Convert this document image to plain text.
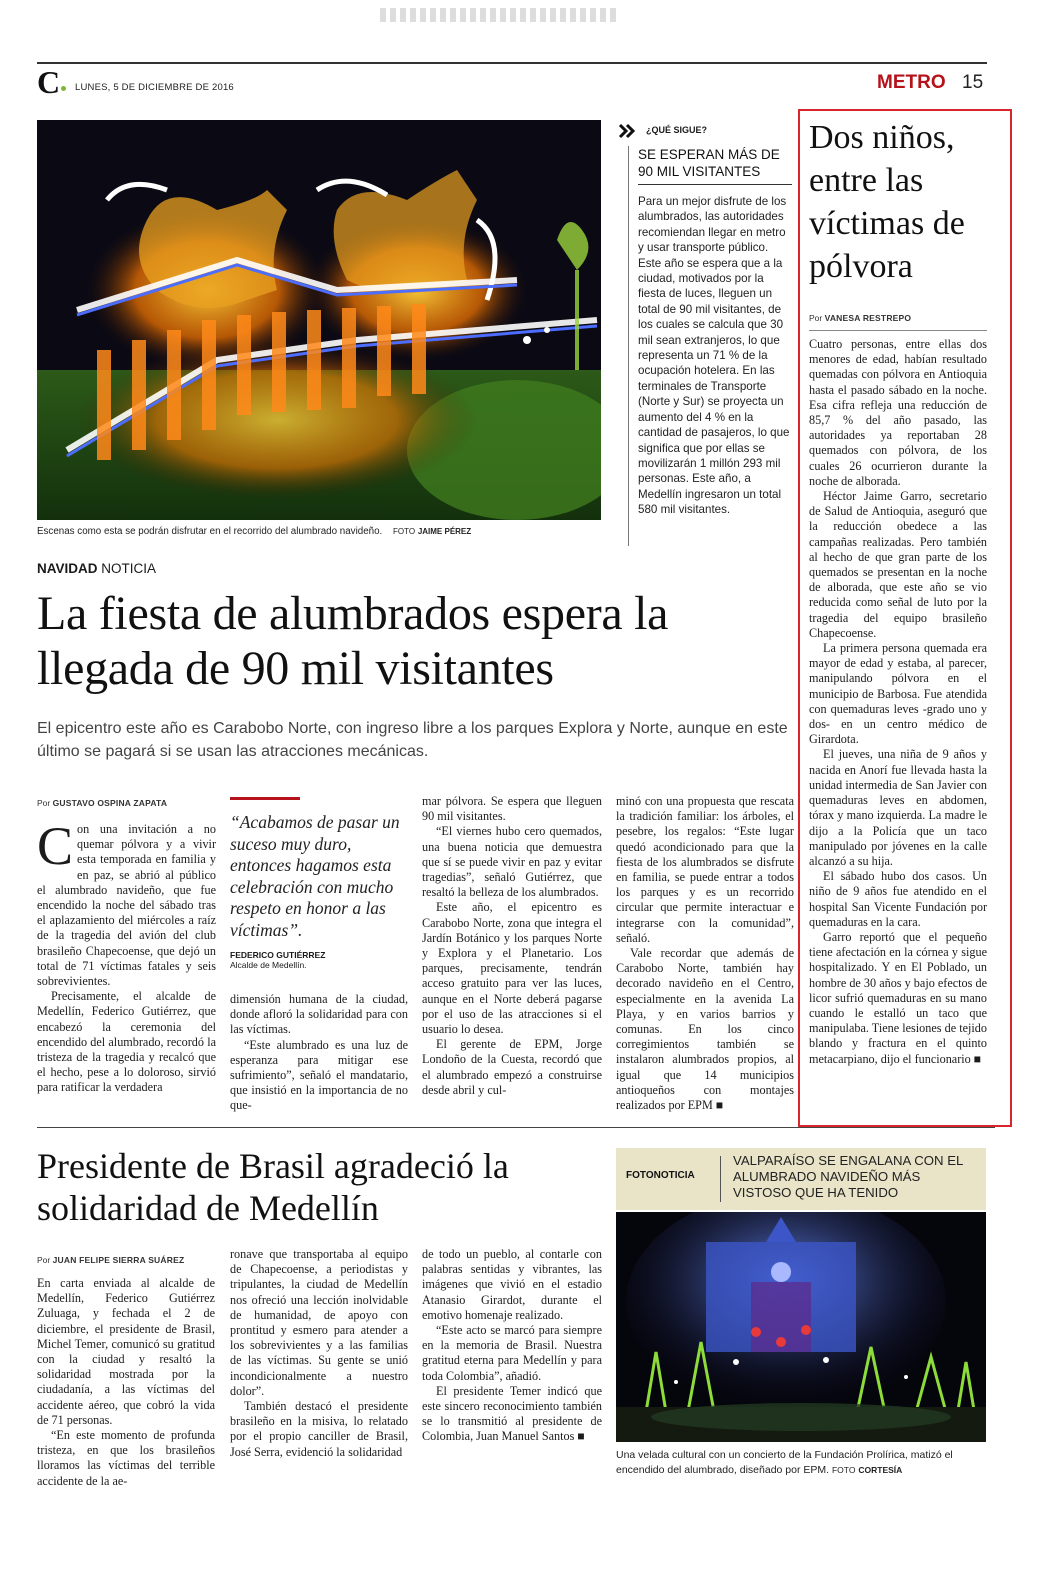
C LUNES, 5 DE DICIEMBRE DE 2016	METRO 15
Escenas como esta se podrán disfrutar en el recorrido del alumbrado navideño. FOTO JAIME PÉREZ
¿QUÉ SIGUE?
SE ESPERAN MÁS DE 90 MIL VISITANTES
Para un mejor disfrute de los alumbrados, las autoridades recomiendan llegar en metro y usar transporte público. Este año se espera que a la ciudad, motivados por la fiesta de luces, lleguen un total de 90 mil visitantes, de los cuales se calcula que 30 mil sean extranjeros, lo que representa un 71 % de la ocupación hotelera. En las terminales de Transporte (Norte y Sur) se proyecta un aumento del 4 % en la cantidad de pasajeros, lo que significa que por ellas se movilizarán 1 millón 293 mil personas. Este año, a Medellín ingresaron un total 580 mil visitantes.
NAVIDAD NOTICIA
La fiesta de alumbrados espera la llegada de 90 mil visitantes
El epicentro este año es Carabobo Norte, con ingreso libre a los parques Explora y Norte, aunque en este último se pagará si se usan las atracciones mecánicas.
Por GUSTAVO OSPINA ZAPATA
C on una invitación a no quemar pólvora y a vivir esta temporada en familia y en paz, se abrió al público el alumbrado navideño, que fue encendido la noche del sábado tras el aplazamiento del miércoles a raíz de la tragedia del avión del club brasileño Chapecoense, que dejó un total de 71 víctimas fatales y seis sobrevivientes.

Precisamente, el alcalde de Medellín, Federico Gutiérrez, que encabezó la ceremonia del encendido del alumbrado, recordó la tristeza de la tragedia y recalcó que el hecho, pese a lo doloroso, sirvió para ratificar la verdadera

“Acabamos de pasar un suceso muy duro, entonces hagamos esta celebración con mucho respeto en honor a las víctimas”.
FEDERICO GUTIÉRREZ
Alcalde de Medellín.

dimensión humana de la ciudad, donde afloró la solidaridad para con las víctimas.

“Este alumbrado es una luz de esperanza para mitigar ese sufrimiento”, señaló el mandatario, que insistió en la importancia de no que-

mar pólvora. Se espera que lleguen 90 mil visitantes.

“El viernes hubo cero quemados, una buena noticia que demuestra que sí se puede vivir en paz y evitar tragedias”, señaló Gutiérrez, que resaltó la belleza de los alumbrados.

Este año, el epicentro es Carabobo Norte, zona que integra el Jardín Botánico y los parques Norte y Explora y el Planetario. Los parques, precisamente, tendrán acceso gratuito para ver las luces, aunque en el Norte deberá pagarse por el uso de las atracciones si el usuario lo desea.

El gerente de EPM, Jorge Londoño de la Cuesta, recordó que el alumbrado empezó a construirse desde abril y cul-

minó con una propuesta que rescata la tradición familiar: los árboles, el pesebre, los regalos: “Este lugar quedó acondicionado para que la fiesta de los alumbrados se disfrute en familia, se puede entrar a todos los parques y es un recorrido circular que permite interactuar e integrarse con la comunidad”, señaló.

Vale recordar que además de Carabobo Norte, también hay decorado navideño en el Centro, especialmente en la avenida La Playa, y en varios barrios y comunas. En los cinco corregimientos también se instalaron alumbrados propios, al igual que 14 municipios antioqueños con montajes realizados por EPM ■

Dos niños, entre las víctimas de pólvora
Por VANESA RESTREPO

Cuatro personas, entre ellas dos menores de edad, habían resultado quemadas con pólvora en Antioquia hasta el pasado sábado en la noche. Esa cifra refleja una reducción de 85,7 % del año pasado, las autoridades ya reportaban 28 quemados con pólvora, de los cuales 26 ocurrieron durante la noche de alborada.

Héctor Jaime Garro, secretario de Salud de Antioquia, aseguró que la reducción obedece a las campañas realizadas. Pero también al hecho de que gran parte de los quemados se presentan en la noche de alborada, que este año se vio reducida como señal de luto por la tragedia del equipo brasileño Chapecoense.

La primera persona quemada era mayor de edad y estaba, al parecer, manipulando pólvora en el municipio de Barbosa. Fue atendida con quemaduras leves -grado uno y dos- en un centro médico de Girardota.

El jueves, una niña de 9 años y nacida en Anorí fue llevada hasta la unidad intermedia de San Javier con quemaduras leves en abdomen, tórax y mano izquierda. La madre le dijo a la Policía que un taco manipulado por jóvenes en la calle alcanzó a su hija.

El sábado hubo dos casos. Un niño de 9 años fue atendido en el hospital San Vicente Fundación por quemaduras en la cara.

Garro reportó que el pequeño tiene afectación en la córnea y sigue hospitalizado. Y en El Poblado, un hombre de 30 años y bajo efectos de licor sufrió quemaduras en su mano cuando le estalló un taco que manipulaba. Tiene lesiones de tejido blando y fractura en el quinto metacarpiano, dijo el funcionario ■

Presidente de Brasil agradeció la solidaridad de Medellín
Por JUAN FELIPE SIERRA SUÁREZ

En carta enviada al alcalde de Medellín, Federico Gutiérrez Zuluaga, y fechada el 2 de diciembre, el presidente de Brasil, Michel Temer, comunicó su gratitud con la ciudad y resaltó la solidaridad mostrada por la ciudadanía, a las víctimas del accidente aéreo, que cobró la vida de 71 personas.

“En este momento de profunda tristeza, en que los brasileños lloramos las víctimas del terrible accidente de la ae-

ronave que transportaba al equipo de Chapecoense, a periodistas y tripulantes, la ciudad de Medellín nos ofreció una lección inolvidable de humanidad, de apoyo con prontitud y esmero para atender a los sobrevivientes y a las familias de las víctimas. Su gente se unió incondicionalmente a nuestro dolor”.

También destacó el presidente brasileño en la misiva, lo relatado por el propio canciller de Brasil, José Serra, evidenció la solidaridad

de todo un pueblo, al contarle con palabras sentidas y vibrantes, las imágenes que vivió en el estadio Atanasio Girardot, durante el emotivo homenaje realizado.

“Este acto se marcó para siempre en la memoria de Brasil. Nuestra gratitud eterna para Medellín y para toda Colombia”, añadió.

El presidente Temer indicó que este sincero reconocimiento también se lo transmitió al presidente de Colombia, Juan Manuel Santos ■

FOTONOTICIA
VALPARAÍSO SE ENGALANA CON EL ALUMBRADO NAVIDEÑO MÁS VISTOSO QUE HA TENIDO
Una velada cultural con un concierto de la Fundación Prolírica, matizó el encendido del alumbrado, diseñado por EPM. FOTO CORTESÍA
